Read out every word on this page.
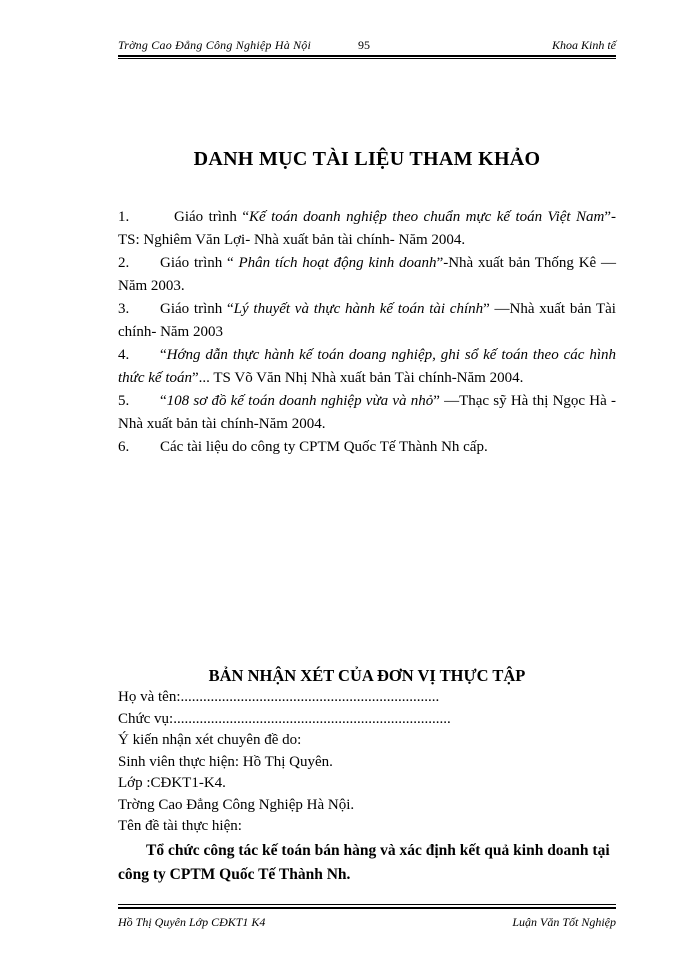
Trờng Cao Đẳng Công Nghiệp Hà Nội	95	Khoa Kinh tế
DANH MỤC TÀI LIỆU THAM KHẢO

1.	Giáo trình “Kế toán doanh nghiệp theo chuẩn mực kế toán Việt Nam”-TS: Nghiêm Văn Lợi- Nhà xuất bản tài chính- Năm 2004.

2. Giáo trình “ Phân tích hoạt động kinh doanh”-Nhà xuất bản Thống Kê —Năm 2003.

3. Giáo trình “Lý thuyết và thực hành kế toán tài chính” —Nhà xuất bản Tài chính- Năm 2003

4. “Hớng dẫn thực hành kế toán doang nghiệp, ghi sổ kế toán theo các hình thức kế toán”... TS Võ Văn Nhị Nhà xuất bản Tài chính-Năm 2004.

5. “108 sơ đồ kế toán doanh nghiệp vừa và nhỏ” —Thạc sỹ Hà thị Ngọc Hà -Nhà xuất bản tài chính-Năm 2004.

6. Các tài liệu do công ty CPTM Quốc Tế Thành Nh cấp.

BẢN NHẬN XÉT CỦA ĐƠN VỊ THỰC TẬP
Họ và tên:.....................................................................
Chức vụ:..........................................................................
Ý kiến nhận xét chuyên đề do:
Sinh viên thực hiện: Hồ Thị Quyên.
Lớp :CĐKT1-K4.
Trờng Cao Đẳng Công Nghiệp Hà Nội.
Tên đề tài thực hiện:
Tổ chức công tác kế toán bán hàng và xác định kết quả kinh doanh tại công ty CPTM Quốc Tế Thành Nh.
Hồ Thị Quyên Lớp CĐKT1 K4	Luận Văn Tốt Nghiệp
